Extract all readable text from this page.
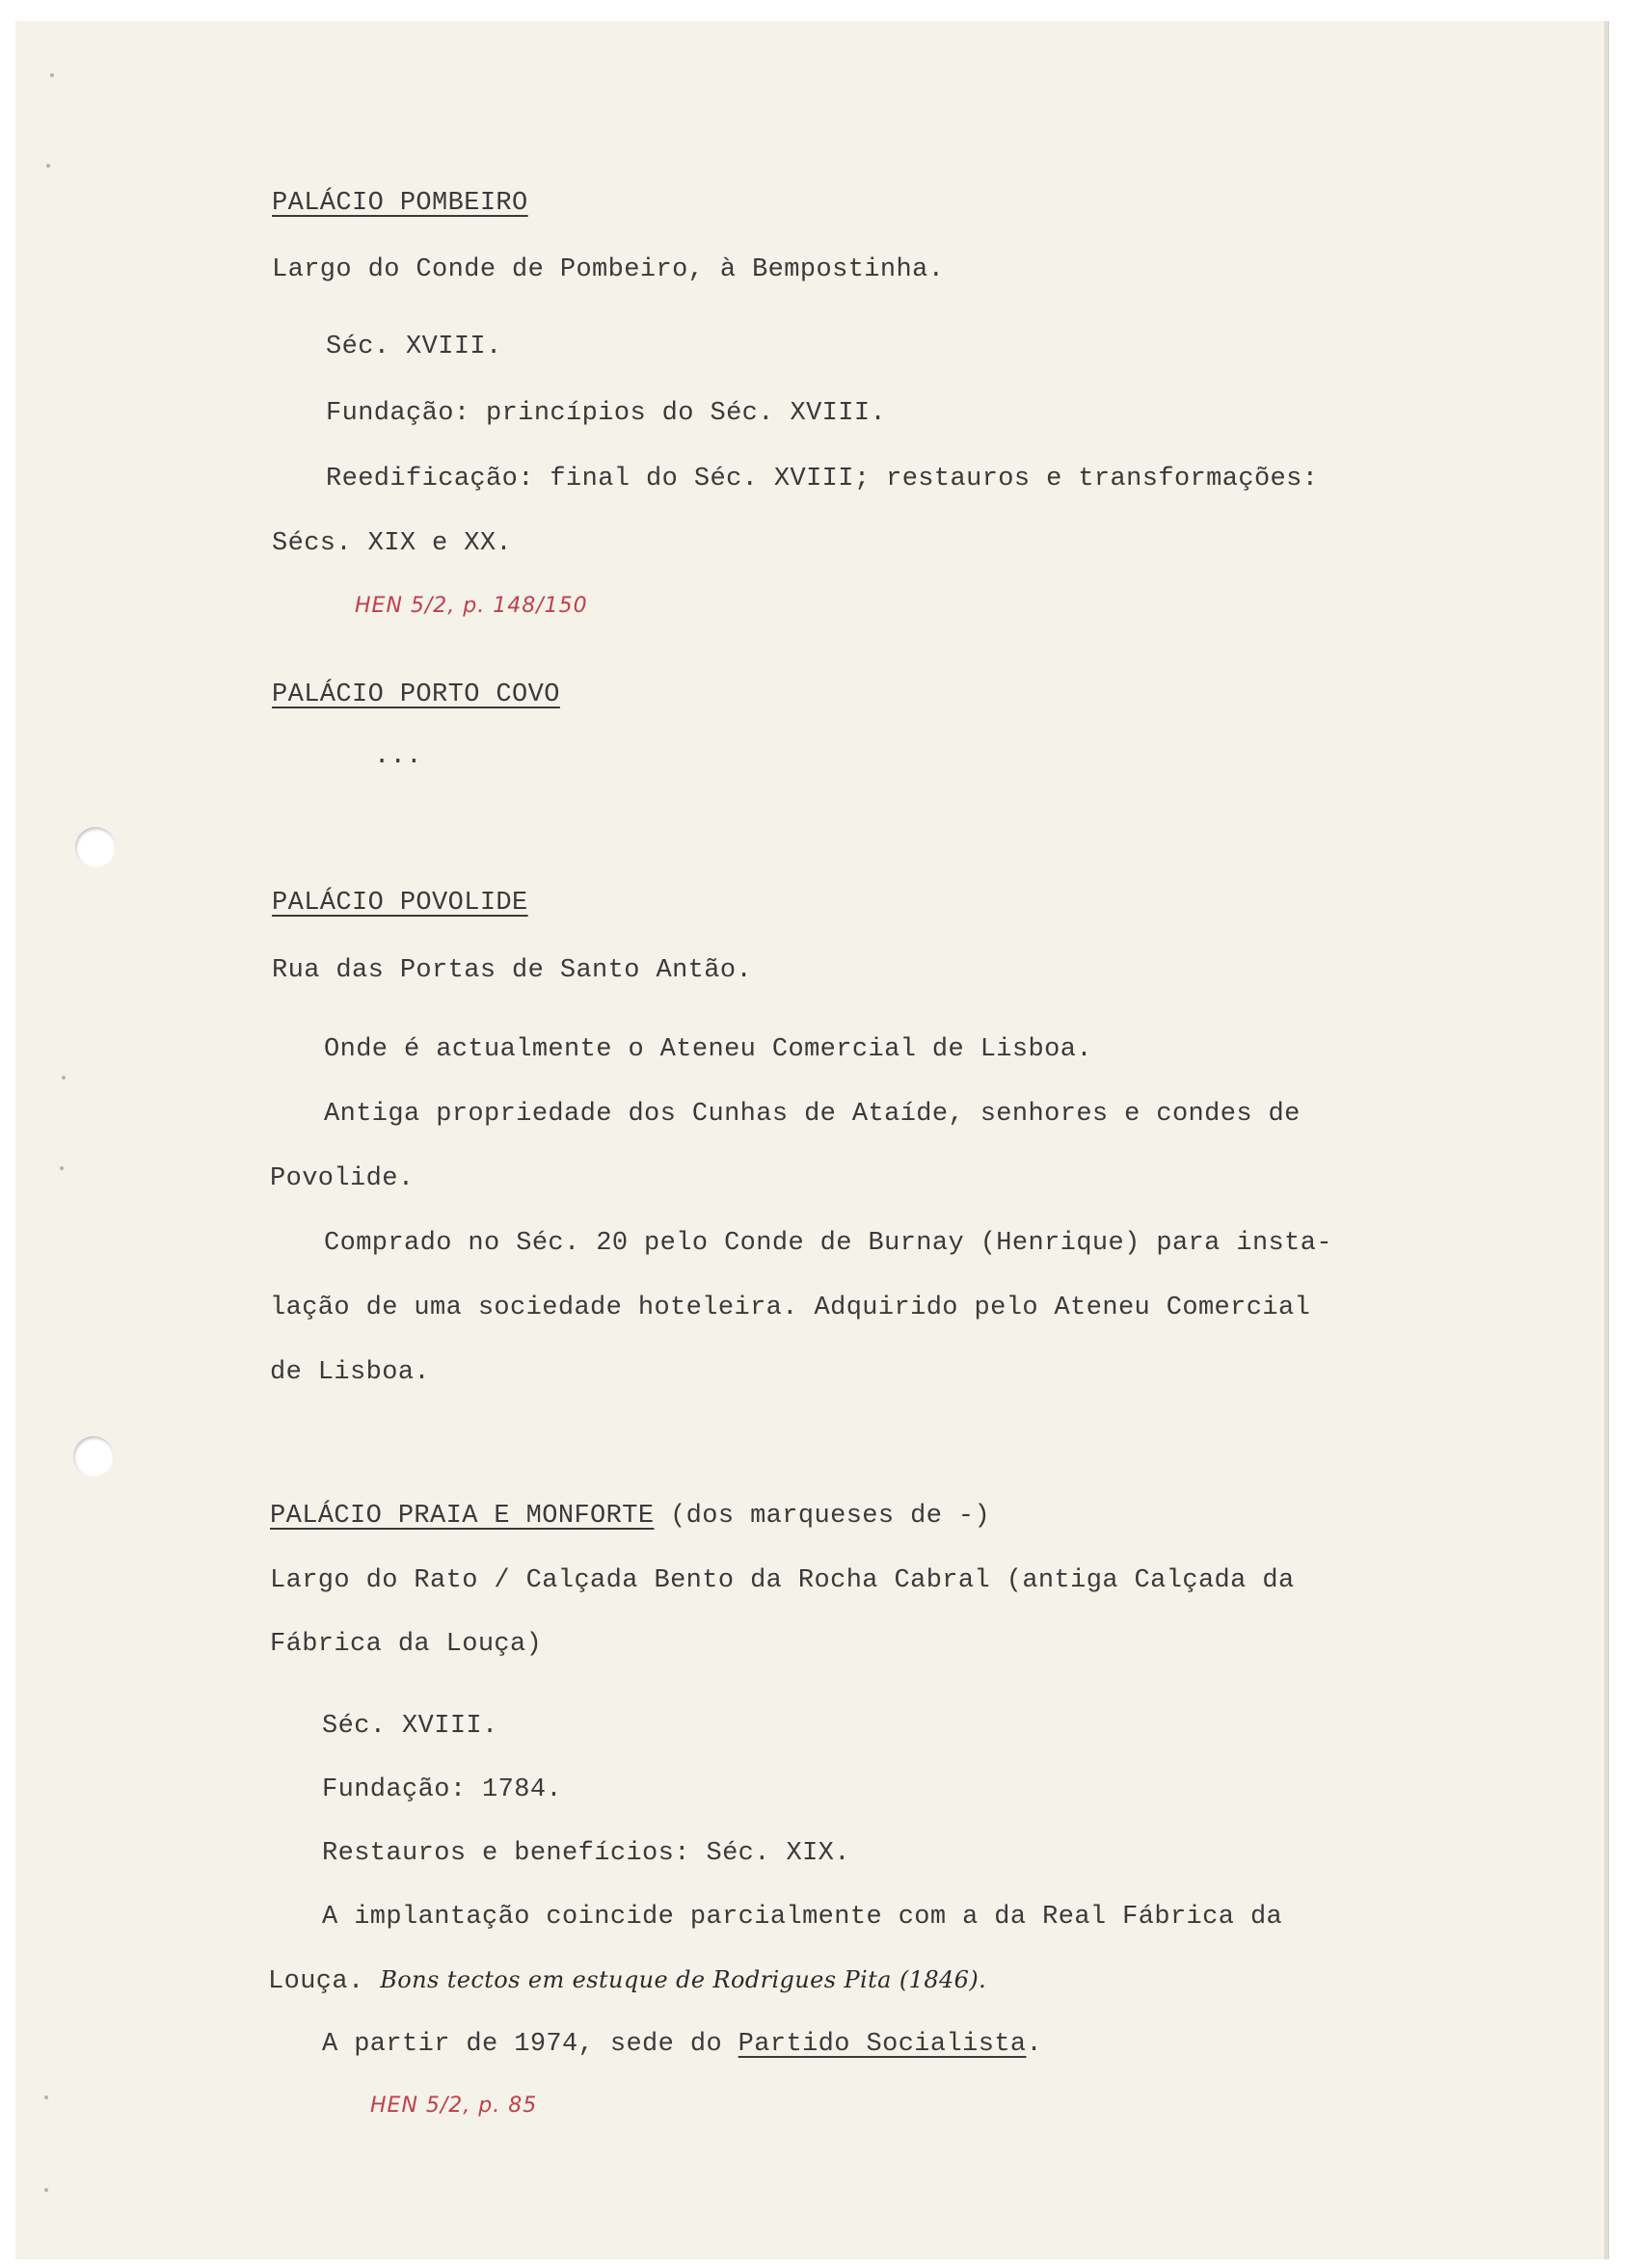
PALÁCIO POMBEIRO
Largo do Conde de Pombeiro, à Bempostinha.
Séc. XVIII.
Fundação: princípios do Séc. XVIII.
Reedificação: final do Séc. XVIII; restauros e transformações:
Sécs. XIX e XX.
HEN 5/2, p. 148/150
PALÁCIO PORTO COVO
...
PALÁCIO POVOLIDE
Rua das Portas de Santo Antão.
Onde é actualmente o Ateneu Comercial de Lisboa.
Antiga propriedade dos Cunhas de Ataíde, senhores e condes de
Povolide.
Comprado no Séc. 20 pelo Conde de Burnay (Henrique) para insta-
lação de uma sociedade hoteleira. Adquirido pelo Ateneu Comercial
de Lisboa.
PALÁCIO PRAIA E MONFORTE (dos marqueses de -)
Largo do Rato / Calçada Bento da Rocha Cabral (antiga Calçada da
Fábrica da Louça)
Séc. XVIII.
Fundação: 1784.
Restauros e benefícios: Séc. XIX.
A implantação coincide parcialmente com a da Real Fábrica da
Louça. Bons tectos em estuque de Rodrigues Pita (1846).
A partir de 1974, sede do Partido Socialista.
HEN 5/2, p. 85
